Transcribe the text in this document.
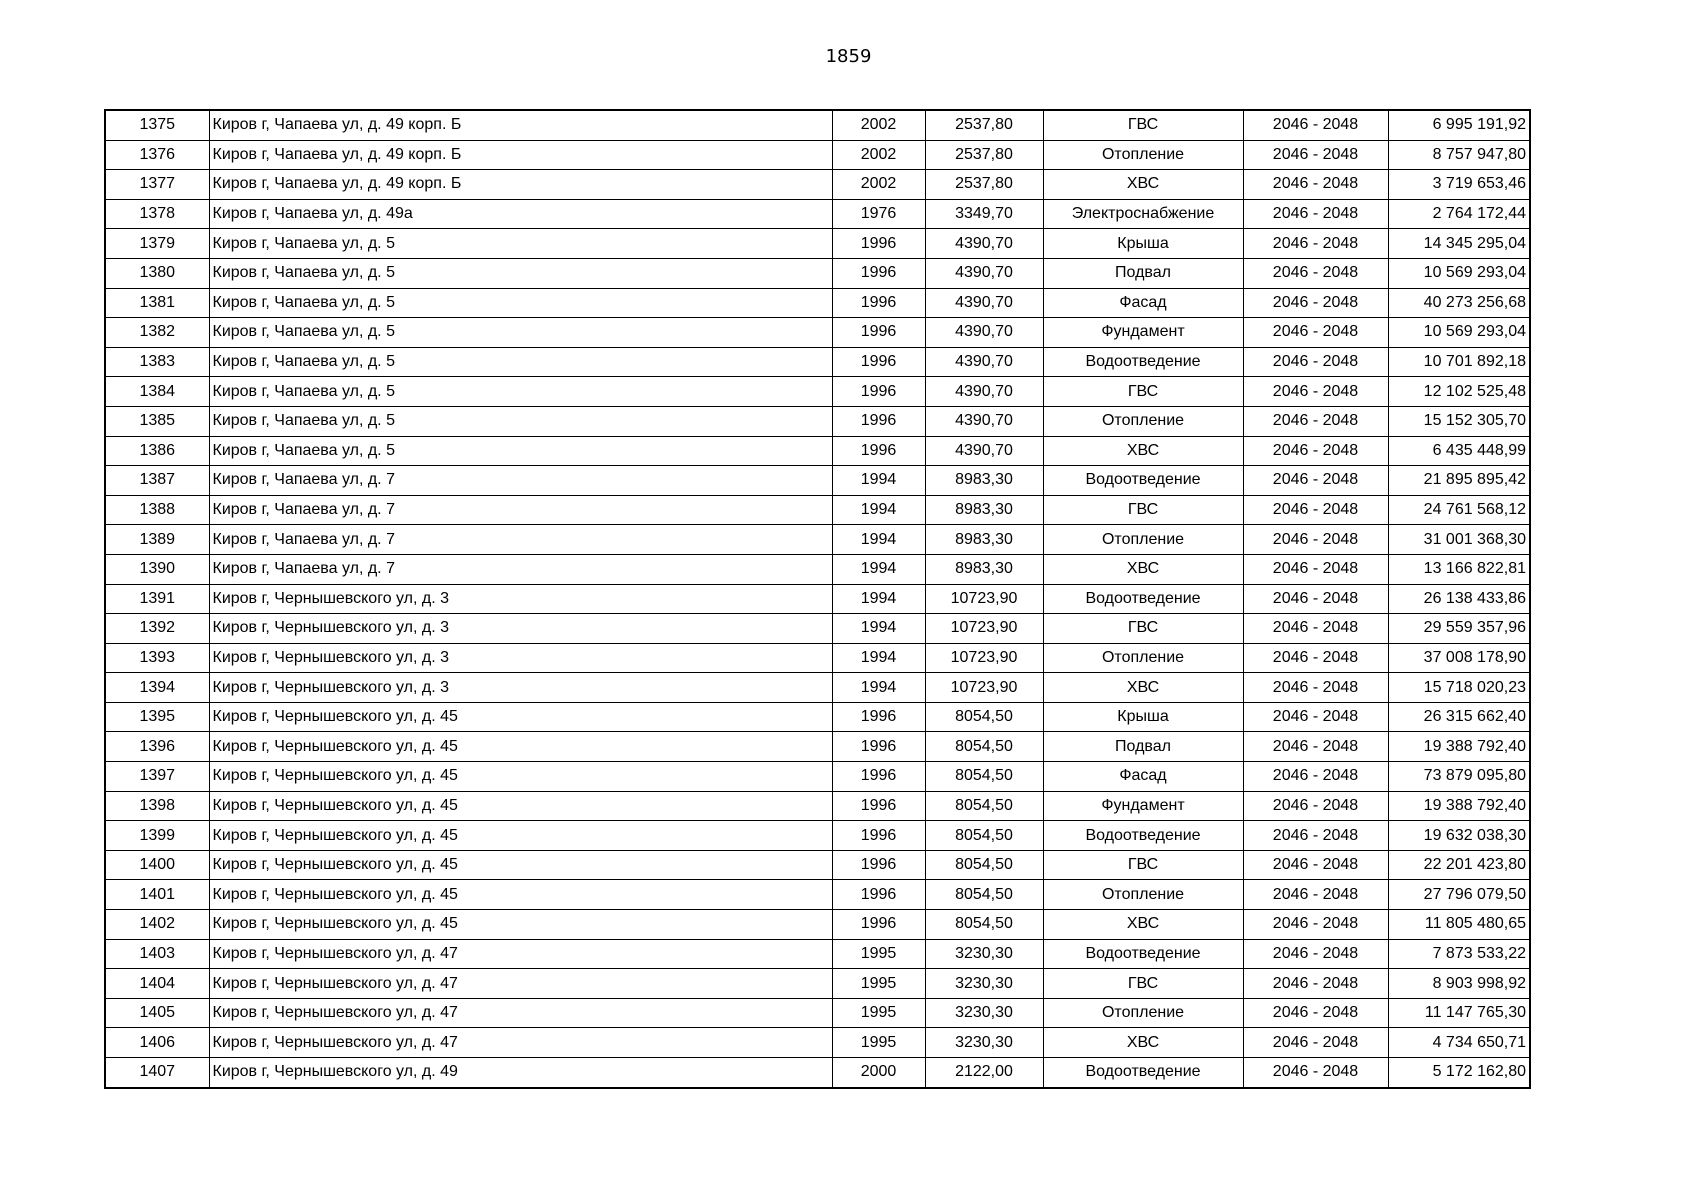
1859
1375	Киров г, Чапаева ул, д. 49 корп. Б	2002	2537,80	ГВС	2046 - 2048	6 995 191,92
1376	Киров г, Чапаева ул, д. 49 корп. Б	2002	2537,80	Отопление	2046 - 2048	8 757 947,80
1377	Киров г, Чапаева ул, д. 49 корп. Б	2002	2537,80	ХВС	2046 - 2048	3 719 653,46
1378	Киров г, Чапаева ул, д. 49а	1976	3349,70	Электроснабжение	2046 - 2048	2 764 172,44
1379	Киров г, Чапаева ул, д. 5	1996	4390,70	Крыша	2046 - 2048	14 345 295,04
1380	Киров г, Чапаева ул, д. 5	1996	4390,70	Подвал	2046 - 2048	10 569 293,04
1381	Киров г, Чапаева ул, д. 5	1996	4390,70	Фасад	2046 - 2048	40 273 256,68
1382	Киров г, Чапаева ул, д. 5	1996	4390,70	Фундамент	2046 - 2048	10 569 293,04
1383	Киров г, Чапаева ул, д. 5	1996	4390,70	Водоотведение	2046 - 2048	10 701 892,18
1384	Киров г, Чапаева ул, д. 5	1996	4390,70	ГВС	2046 - 2048	12 102 525,48
1385	Киров г, Чапаева ул, д. 5	1996	4390,70	Отопление	2046 - 2048	15 152 305,70
1386	Киров г, Чапаева ул, д. 5	1996	4390,70	ХВС	2046 - 2048	6 435 448,99
1387	Киров г, Чапаева ул, д. 7	1994	8983,30	Водоотведение	2046 - 2048	21 895 895,42
1388	Киров г, Чапаева ул, д. 7	1994	8983,30	ГВС	2046 - 2048	24 761 568,12
1389	Киров г, Чапаева ул, д. 7	1994	8983,30	Отопление	2046 - 2048	31 001 368,30
1390	Киров г, Чапаева ул, д. 7	1994	8983,30	ХВС	2046 - 2048	13 166 822,81
1391	Киров г, Чернышевского ул, д. 3	1994	10723,90	Водоотведение	2046 - 2048	26 138 433,86
1392	Киров г, Чернышевского ул, д. 3	1994	10723,90	ГВС	2046 - 2048	29 559 357,96
1393	Киров г, Чернышевского ул, д. 3	1994	10723,90	Отопление	2046 - 2048	37 008 178,90
1394	Киров г, Чернышевского ул, д. 3	1994	10723,90	ХВС	2046 - 2048	15 718 020,23
1395	Киров г, Чернышевского ул, д. 45	1996	8054,50	Крыша	2046 - 2048	26 315 662,40
1396	Киров г, Чернышевского ул, д. 45	1996	8054,50	Подвал	2046 - 2048	19 388 792,40
1397	Киров г, Чернышевского ул, д. 45	1996	8054,50	Фасад	2046 - 2048	73 879 095,80
1398	Киров г, Чернышевского ул, д. 45	1996	8054,50	Фундамент	2046 - 2048	19 388 792,40
1399	Киров г, Чернышевского ул, д. 45	1996	8054,50	Водоотведение	2046 - 2048	19 632 038,30
1400	Киров г, Чернышевского ул, д. 45	1996	8054,50	ГВС	2046 - 2048	22 201 423,80
1401	Киров г, Чернышевского ул, д. 45	1996	8054,50	Отопление	2046 - 2048	27 796 079,50
1402	Киров г, Чернышевского ул, д. 45	1996	8054,50	ХВС	2046 - 2048	11 805 480,65
1403	Киров г, Чернышевского ул, д. 47	1995	3230,30	Водоотведение	2046 - 2048	7 873 533,22
1404	Киров г, Чернышевского ул, д. 47	1995	3230,30	ГВС	2046 - 2048	8 903 998,92
1405	Киров г, Чернышевского ул, д. 47	1995	3230,30	Отопление	2046 - 2048	11 147 765,30
1406	Киров г, Чернышевского ул, д. 47	1995	3230,30	ХВС	2046 - 2048	4 734 650,71
1407	Киров г, Чернышевского ул, д. 49	2000	2122,00	Водоотведение	2046 - 2048	5 172 162,80
